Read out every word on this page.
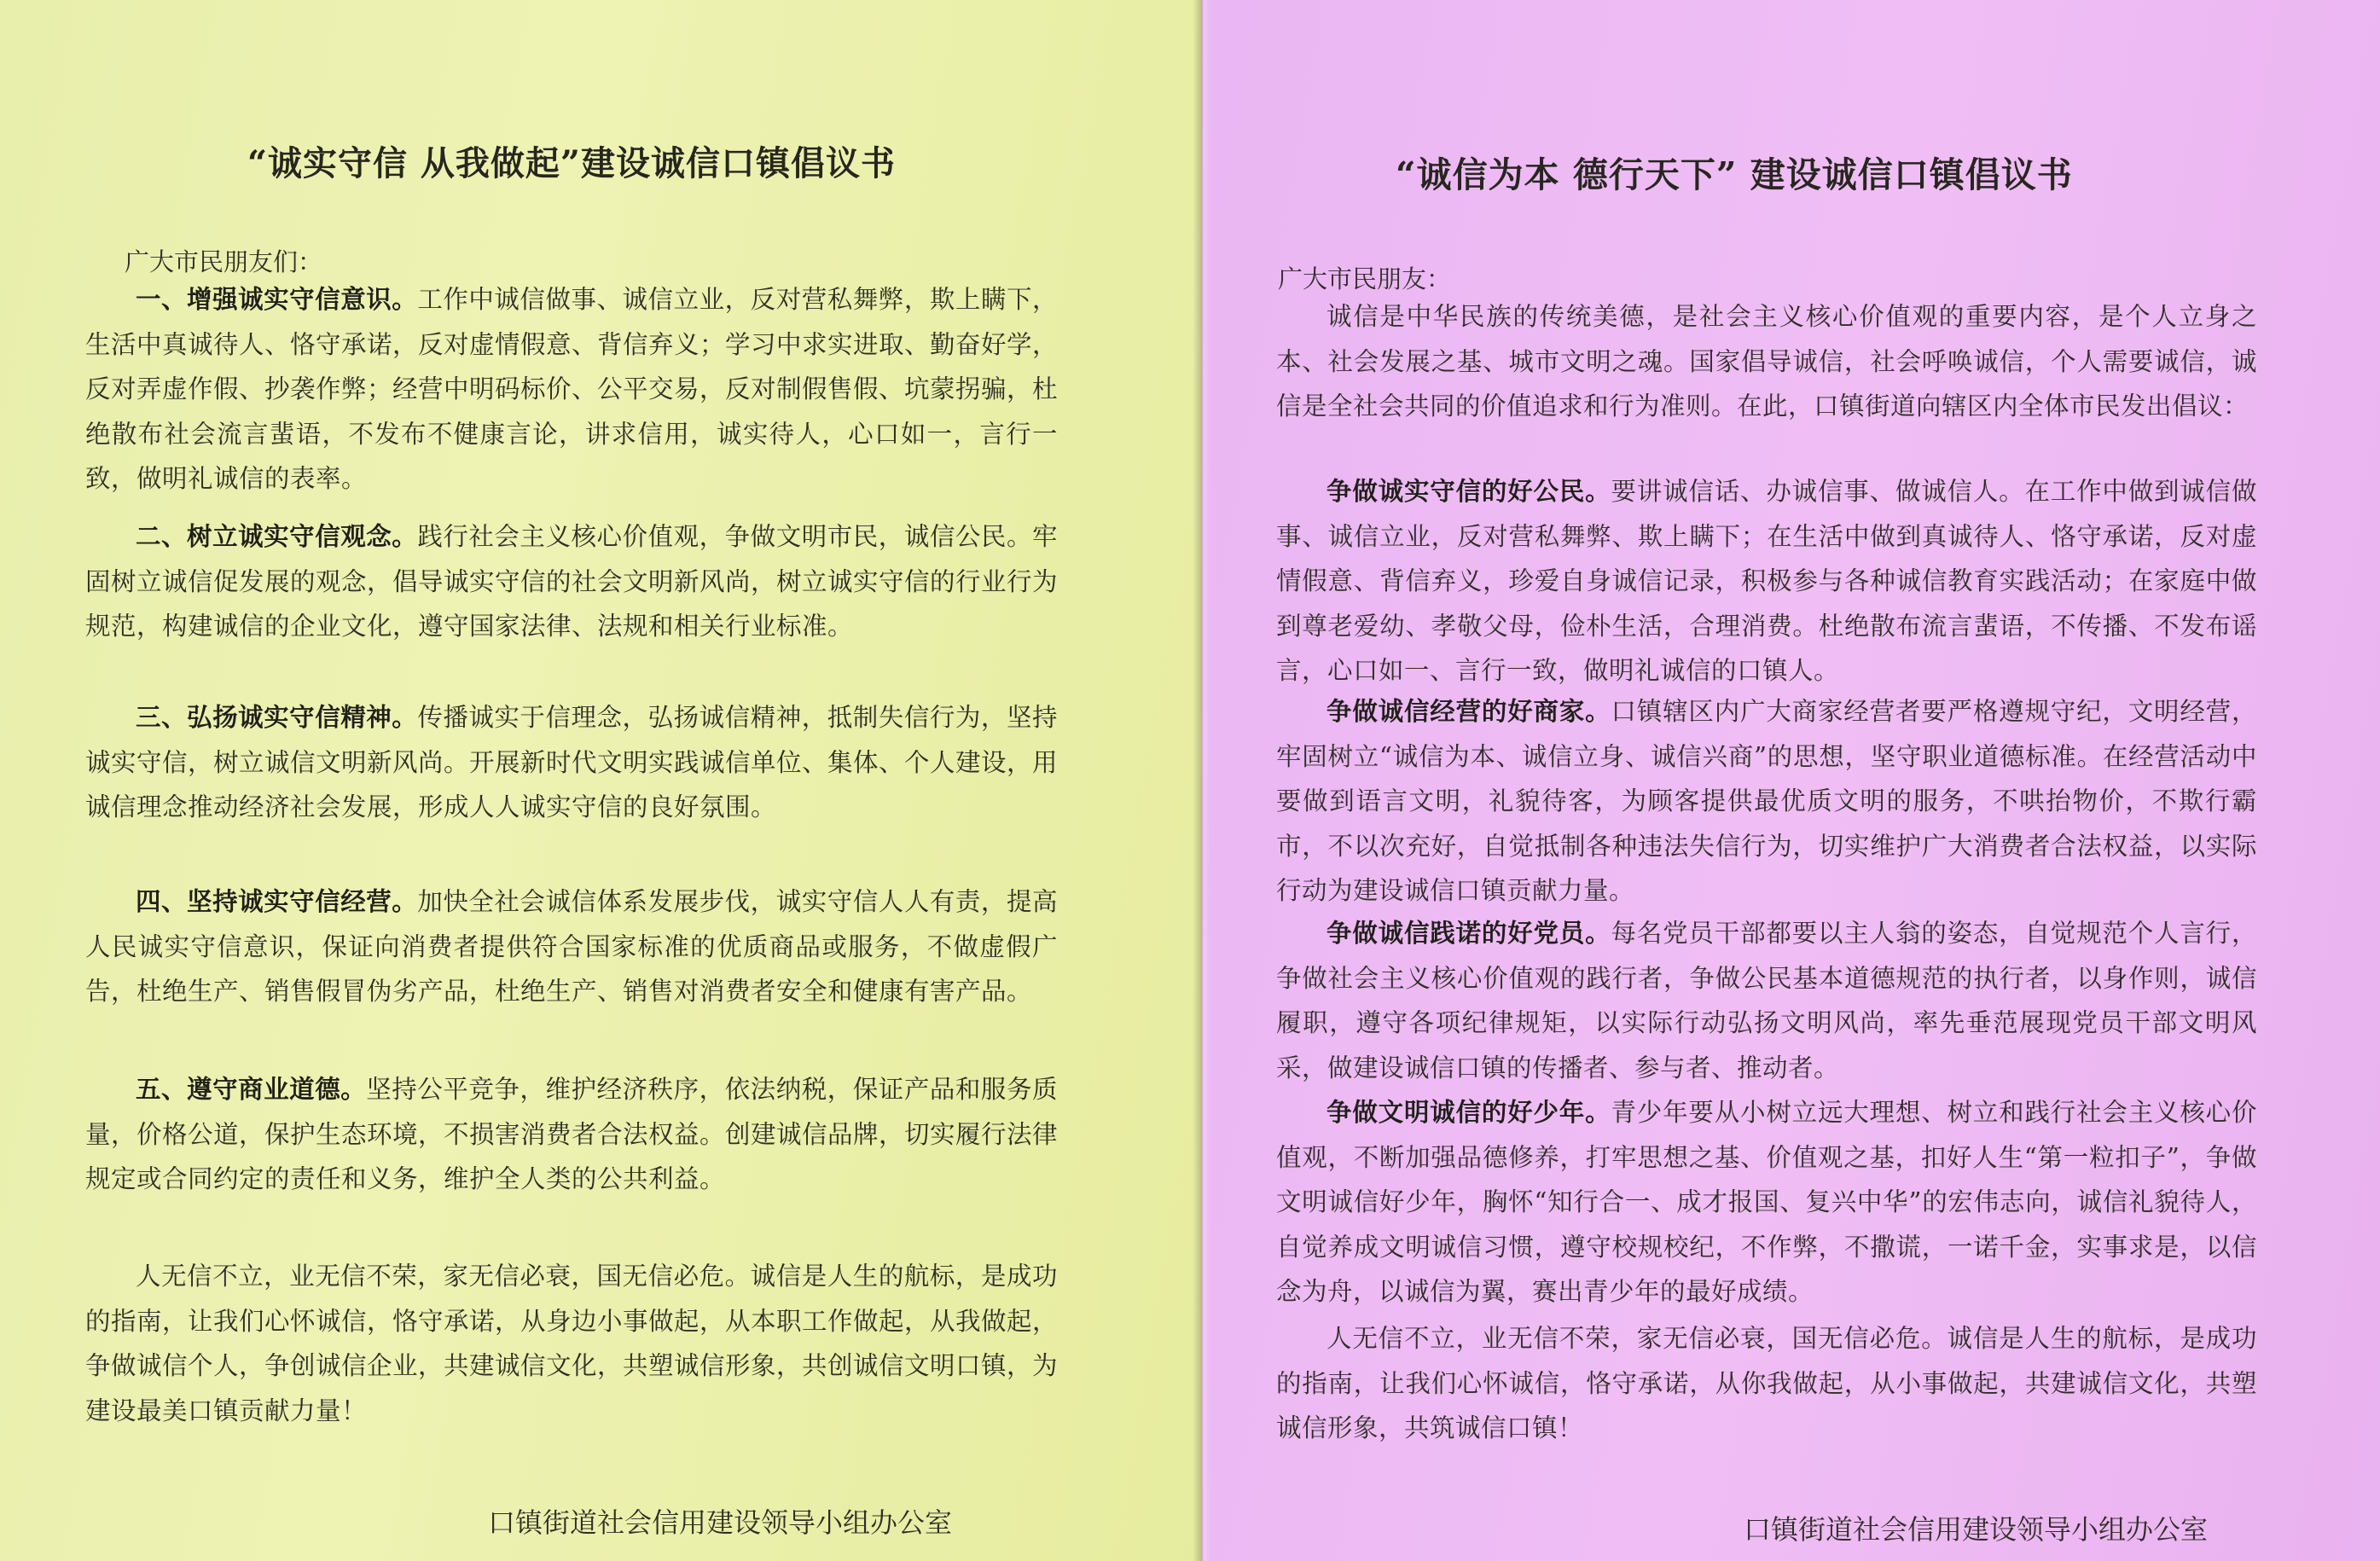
“诚实守信 从我做起”建设诚信口镇倡议书
广大市民朋友们：

一、增强诚实守信意识。工作中诚信做事、诚信立业，反对营私舞弊，欺上瞒下，生活中真诚待人、恪守承诺，反对虚情假意、背信弃义；学习中求实进取、勤奋好学，反对弄虚作假、抄袭作弊；经营中明码标价、公平交易，反对制假售假、坑蒙拐骗，杜绝散布社会流言蜚语，不发布不健康言论，讲求信用，诚实待人，心口如一，言行一致，做明礼诚信的表率。

二、树立诚实守信观念。践行社会主义核心价值观，争做文明市民，诚信公民。牢固树立诚信促发展的观念，倡导诚实守信的社会文明新风尚，树立诚实守信的行业行为规范，构建诚信的企业文化，遵守国家法律、法规和相关行业标准。

三、弘扬诚实守信精神。传播诚实于信理念，弘扬诚信精神，抵制失信行为，坚持诚实守信，树立诚信文明新风尚。开展新时代文明实践诚信单位、集体、个人建设，用诚信理念推动经济社会发展，形成人人诚实守信的良好氛围。

四、坚持诚实守信经营。加快全社会诚信体系发展步伐，诚实守信人人有责，提高人民诚实守信意识，保证向消费者提供符合国家标准的优质商品或服务，不做虚假广告，杜绝生产、销售假冒伪劣产品，杜绝生产、销售对消费者安全和健康有害产品。

五、遵守商业道德。坚持公平竞争，维护经济秩序，依法纳税，保证产品和服务质量，价格公道，保护生态环境，不损害消费者合法权益。创建诚信品牌，切实履行法律规定或合同约定的责任和义务，维护全人类的公共利益。

人无信不立，业无信不荣，家无信必衰，国无信必危。诚信是人生的航标，是成功的指南，让我们心怀诚信，恪守承诺，从身边小事做起，从本职工作做起，从我做起，争做诚信个人，争创诚信企业，共建诚信文化，共塑诚信形象，共创诚信文明口镇，为建设最美口镇贡献力量！

口镇街道社会信用建设领导小组办公室
“诚信为本 德行天下” 建设诚信口镇倡议书
广大市民朋友：

诚信是中华民族的传统美德，是社会主义核心价值观的重要内容，是个人立身之本、社会发展之基、城市文明之魂。国家倡导诚信，社会呼唤诚信，个人需要诚信，诚信是全社会共同的价值追求和行为准则。在此，口镇街道向辖区内全体市民发出倡议：

争做诚实守信的好公民。要讲诚信话、办诚信事、做诚信人。在工作中做到诚信做事、诚信立业，反对营私舞弊、欺上瞒下；在生活中做到真诚待人、恪守承诺，反对虚情假意、背信弃义，珍爱自身诚信记录，积极参与各种诚信教育实践活动；在家庭中做到尊老爱幼、孝敬父母，俭朴生活，合理消费。杜绝散布流言蜚语，不传播、不发布谣言，心口如一、言行一致，做明礼诚信的口镇人。

争做诚信经营的好商家。口镇辖区内广大商家经营者要严格遵规守纪，文明经营，牢固树立“诚信为本、诚信立身、诚信兴商”的思想，坚守职业道德标准。在经营活动中要做到语言文明，礼貌待客，为顾客提供最优质文明的服务，不哄抬物价，不欺行霸市，不以次充好，自觉抵制各种违法失信行为，切实维护广大消费者合法权益，以实际行动为建设诚信口镇贡献力量。

争做诚信践诺的好党员。每名党员干部都要以主人翁的姿态，自觉规范个人言行，争做社会主义核心价值观的践行者，争做公民基本道德规范的执行者，以身作则，诚信履职，遵守各项纪律规矩，以实际行动弘扬文明风尚，率先垂范展现党员干部文明风采，做建设诚信口镇的传播者、参与者、推动者。

争做文明诚信的好少年。青少年要从小树立远大理想、树立和践行社会主义核心价值观，不断加强品德修养，打牢思想之基、价值观之基，扣好人生“第一粒扣子”，争做文明诚信好少年，胸怀“知行合一、成才报国、复兴中华”的宏伟志向，诚信礼貌待人，自觉养成文明诚信习惯，遵守校规校纪，不作弊，不撒谎，一诺千金，实事求是，以信念为舟，以诚信为翼，赛出青少年的最好成绩。

人无信不立，业无信不荣，家无信必衰，国无信必危。诚信是人生的航标，是成功的指南，让我们心怀诚信，恪守承诺，从你我做起，从小事做起，共建诚信文化，共塑诚信形象，共筑诚信口镇！

口镇街道社会信用建设领导小组办公室
